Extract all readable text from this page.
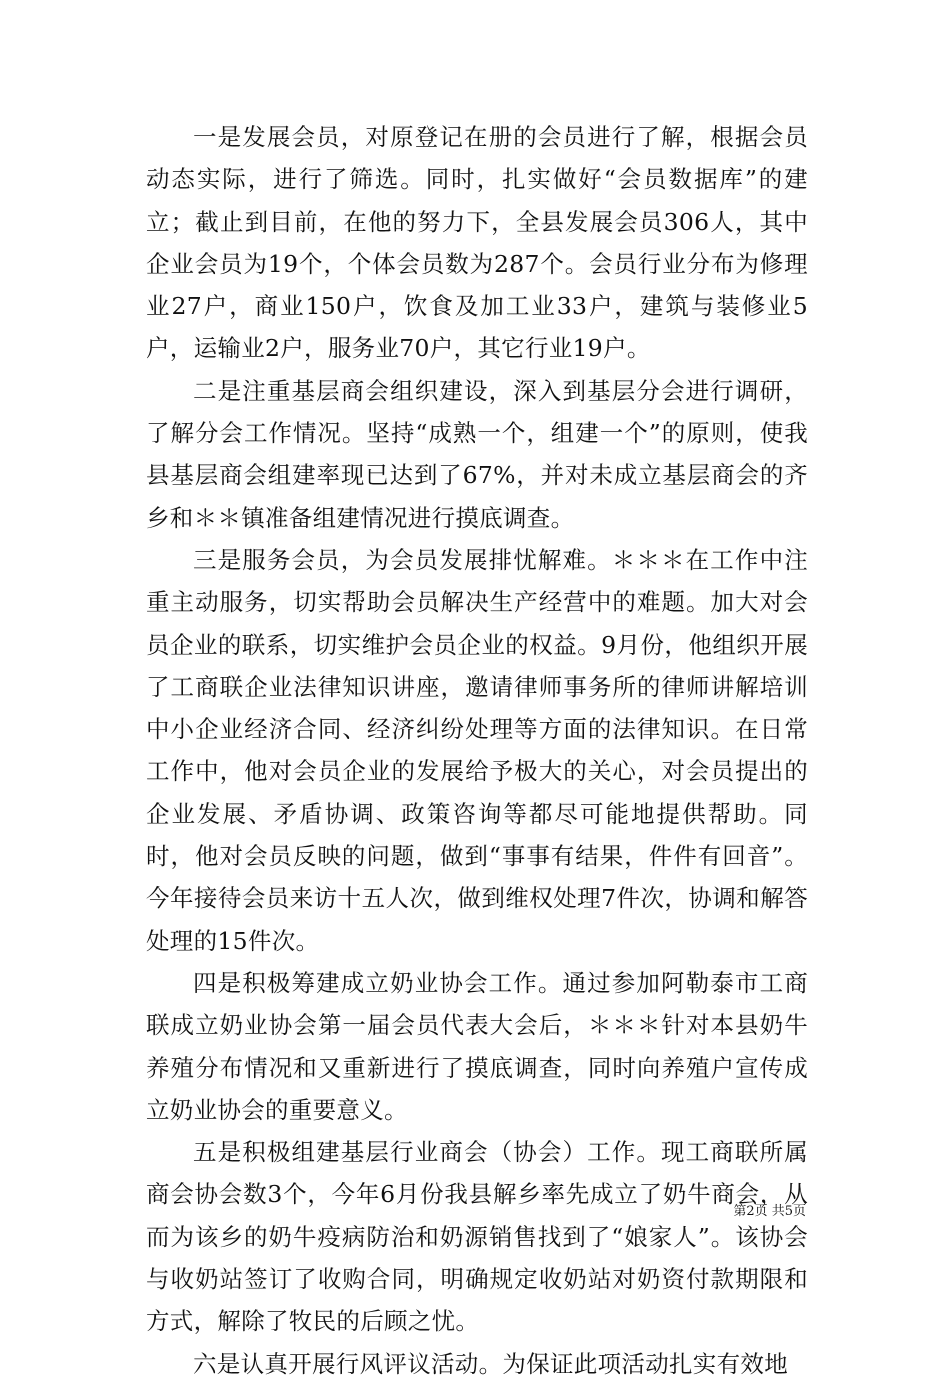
一是发展会员，对原登记在册的会员进行了解，根据会员动态实际，进行了筛选。同时，扎实做好“会员数据库”的建立；截止到目前，在他的努力下，全县发展会员306人，其中企业会员为19个，个体会员数为287个。会员行业分布为修理业27户，商业150户，饮食及加工业33户，建筑与装修业5户，运输业2户，服务业70户，其它行业19户。

二是注重基层商会组织建设，深入到基层分会进行调研，了解分会工作情况。坚持“成熟一个，组建一个”的原则，使我县基层商会组建率现已达到了67%，并对未成立基层商会的齐乡和＊＊镇准备组建情况进行摸底调查。

三是服务会员，为会员发展排忧解难。＊＊＊在工作中注重主动服务，切实帮助会员解决生产经营中的难题。加大对会员企业的联系，切实维护会员企业的权益。9月份，他组织开展了工商联企业法律知识讲座，邀请律师事务所的律师讲解培训中小企业经济合同、经济纠纷处理等方面的法律知识。在日常工作中，他对会员企业的发展给予极大的关心，对会员提出的企业发展、矛盾协调、政策咨询等都尽可能地提供帮助。同时，他对会员反映的问题，做到“事事有结果，件件有回音”。今年接待会员来访十五人次，做到维权处理7件次，协调和解答处理的15件次。

四是积极筹建成立奶业协会工作。通过参加阿勒泰市工商联成立奶业协会第一届会员代表大会后，＊＊＊针对本县奶牛养殖分布情况和又重新进行了摸底调查，同时向养殖户宣传成立奶业协会的重要意义。

五是积极组建基层行业商会（协会）工作。现工商联所属商会协会数3个，今年6月份我县解乡率先成立了奶牛商会，从而为该乡的奶牛疫病防治和奶源销售找到了“娘家人”。该协会与收奶站签订了收购合同，明确规定收奶站对奶资付款期限和方式，解除了牧民的后顾之忧。

六是认真开展行风评议活动。为保证此项活动扎实有效地

第2页 共5页
